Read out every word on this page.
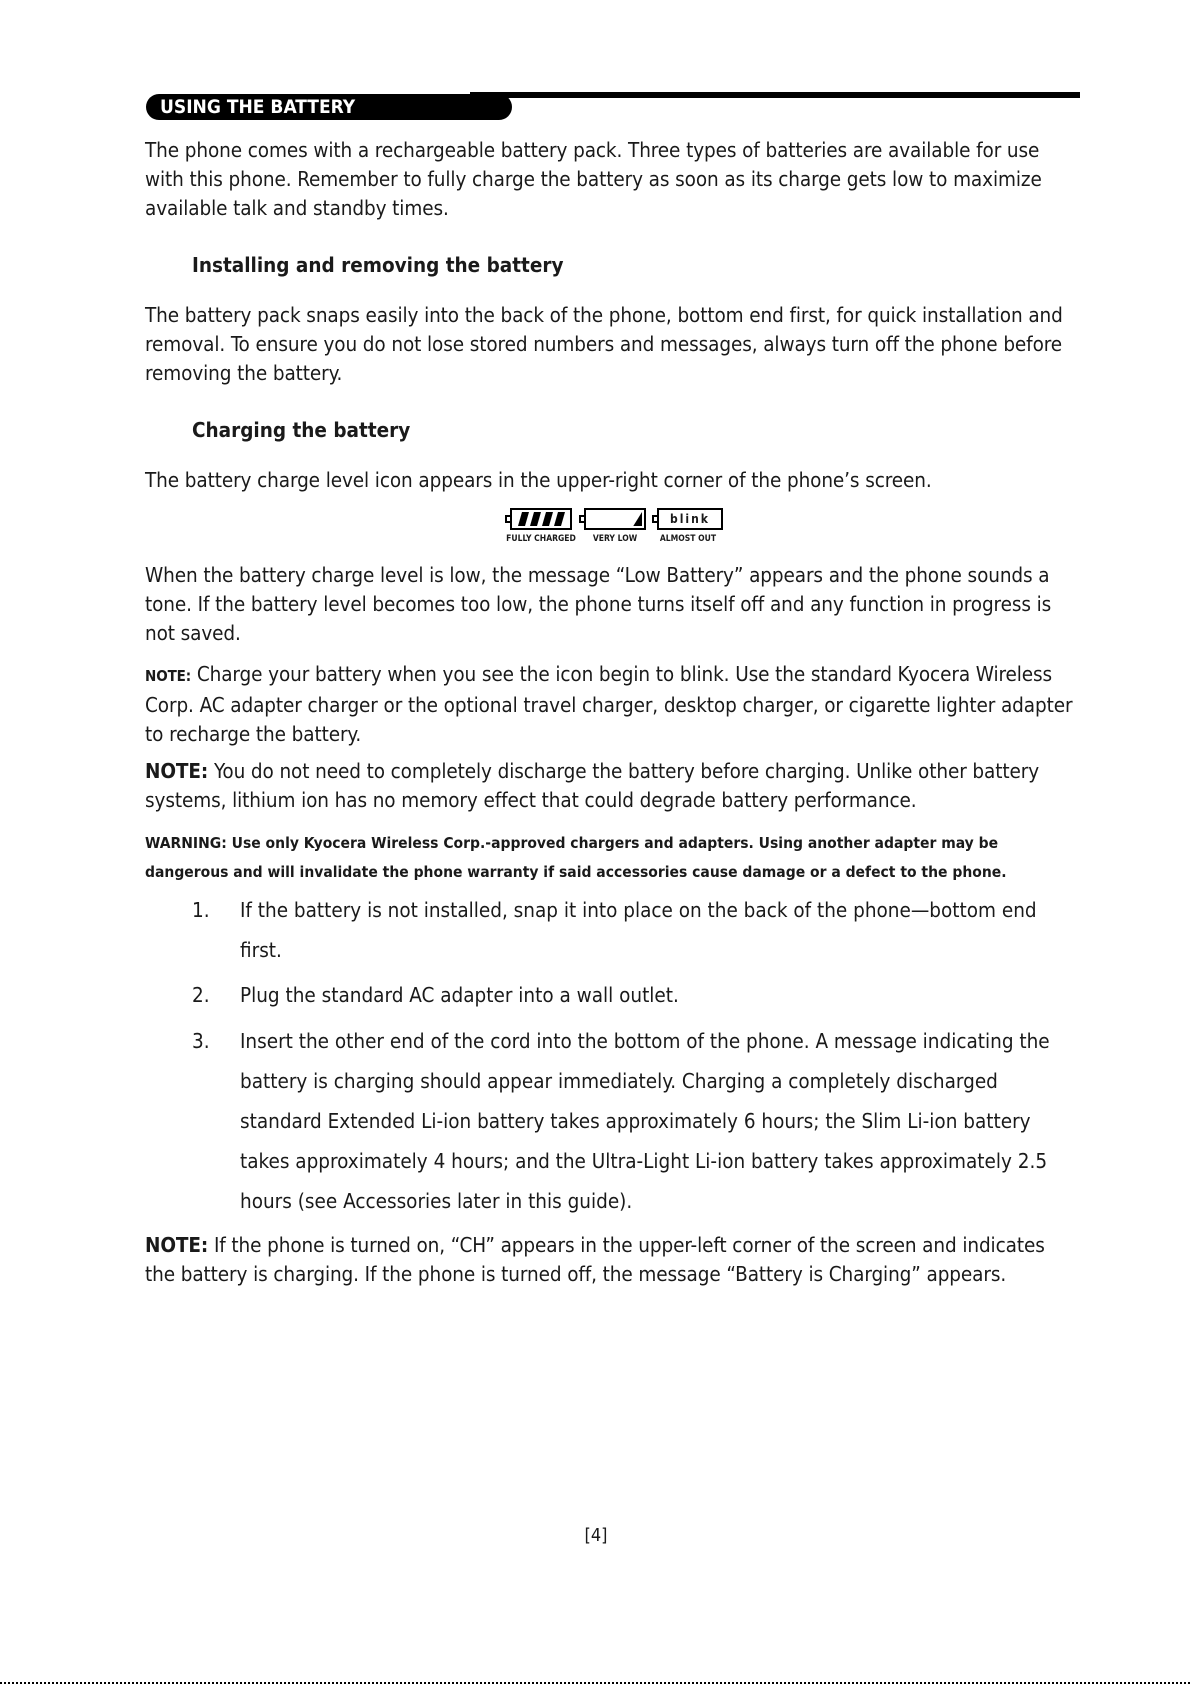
USING THE BATTERY

The phone comes with a rechargeable battery pack. Three types of batteries are available for use with this phone. Remember to fully charge the battery as soon as its charge gets low to maximize available talk and standby times.

Installing and removing the battery

The battery pack snaps easily into the back of the phone, bottom end first, for quick installation and removal. To ensure you do not lose stored numbers and messages, always turn off the phone before removing the battery.

Charging the battery

The battery charge level icon appears in the upper-right corner of the phone’s screen.

FULLY CHARGED VERY LOW
blink
ALMOST OUT

When the battery charge level is low, the message “Low Battery” appears and the phone sounds a tone. If the battery level becomes too low, the phone turns itself off and any function in progress is not saved.

NOTE: Charge your battery when you see the icon begin to blink. Use the standard Kyocera Wireless Corp. AC adapter charger or the optional travel charger, desktop charger, or cigarette lighter adapter to recharge the battery.

NOTE: You do not need to completely discharge the battery before charging. Unlike other battery systems, lithium ion has no memory effect that could degrade battery performance.

WARNING: Use only Kyocera Wireless Corp.-approved chargers and adapters. Using another adapter may be dangerous and will invalidate the phone warranty if said accessories cause damage or a defect to the phone.

1. If the battery is not installed, snap it into place on the back of the phone—bottom end first.
2. Plug the standard AC adapter into a wall outlet.
3. Insert the other end of the cord into the bottom of the phone. A message indicating the battery is charging should appear immediately. Charging a completely discharged standard Extended Li-ion battery takes approximately 6 hours; the Slim Li-ion battery takes approximately 4 hours; and the Ultra-Light Li-ion battery takes approximately 2.5 hours (see Accessories later in this guide).

NOTE: If the phone is turned on, “CH” appears in the upper-left corner of the screen and indicates the battery is charging. If the phone is turned off, the message “Battery is Charging” appears.

[4]
